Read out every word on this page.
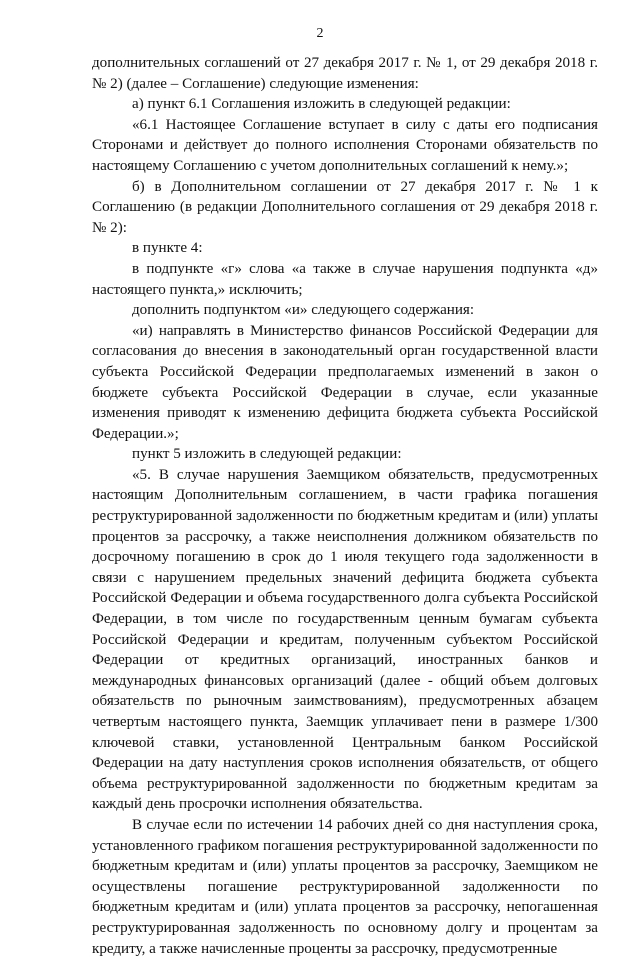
2

дополнительных соглашений от 27 декабря 2017 г. № 1, от 29 декабря 2018 г. № 2) (далее – Соглашение) следующие изменения:

а) пункт 6.1 Соглашения изложить в следующей редакции:

«6.1 Настоящее Соглашение вступает в силу с даты его подписания Сторонами и действует до полного исполнения Сторонами обязательств по настоящему Соглашению с учетом дополнительных соглашений к нему.»;

б) в Дополнительном соглашении от 27 декабря 2017 г. № 1 к Соглашению (в редакции Дополнительного соглашения от 29 декабря 2018 г. № 2):

в пункте 4:

в подпункте «г» слова «а также в случае нарушения подпункта «д» настоящего пункта,» исключить;

дополнить подпунктом «и» следующего содержания:

«и) направлять в Министерство финансов Российской Федерации для согласования до внесения в законодательный орган государственной власти субъекта Российской Федерации предполагаемых изменений в закон о бюджете субъекта Российской Федерации в случае, если указанные изменения приводят к изменению дефицита бюджета субъекта Российской Федерации.»;

пункт 5 изложить в следующей редакции:

«5. В случае нарушения Заемщиком обязательств, предусмотренных настоящим Дополнительным соглашением, в части графика погашения реструктурированной задолженности по бюджетным кредитам и (или) уплаты процентов за рассрочку, а также неисполнения должником обязательств по досрочному погашению в срок до 1 июля текущего года задолженности в связи с нарушением предельных значений дефицита бюджета субъекта Российской Федерации и объема государственного долга субъекта Российской Федерации, в том числе по государственным ценным бумагам субъекта Российской Федерации и кредитам, полученным субъектом Российской Федерации от кредитных организаций, иностранных банков и международных финансовых организаций (далее - общий объем долговых обязательств по рыночным заимствованиям), предусмотренных абзацем четвертым настоящего пункта, Заемщик уплачивает пени в размере 1/300 ключевой ставки, установленной Центральным банком Российской Федерации на дату наступления сроков исполнения обязательств, от общего объема реструктурированной задолженности по бюджетным кредитам за каждый день просрочки исполнения обязательства.

В случае если по истечении 14 рабочих дней со дня наступления срока, установленного графиком погашения реструктурированной задолженности по бюджетным кредитам и (или) уплаты процентов за рассрочку, Заемщиком не осуществлены погашение реструктурированной задолженности по бюджетным кредитам и (или) уплата процентов за рассрочку, непогашенная реструктурированная задолженность по основному долгу и процентам за кредиту, а также начисленные проценты за рассрочку, предусмотренные
